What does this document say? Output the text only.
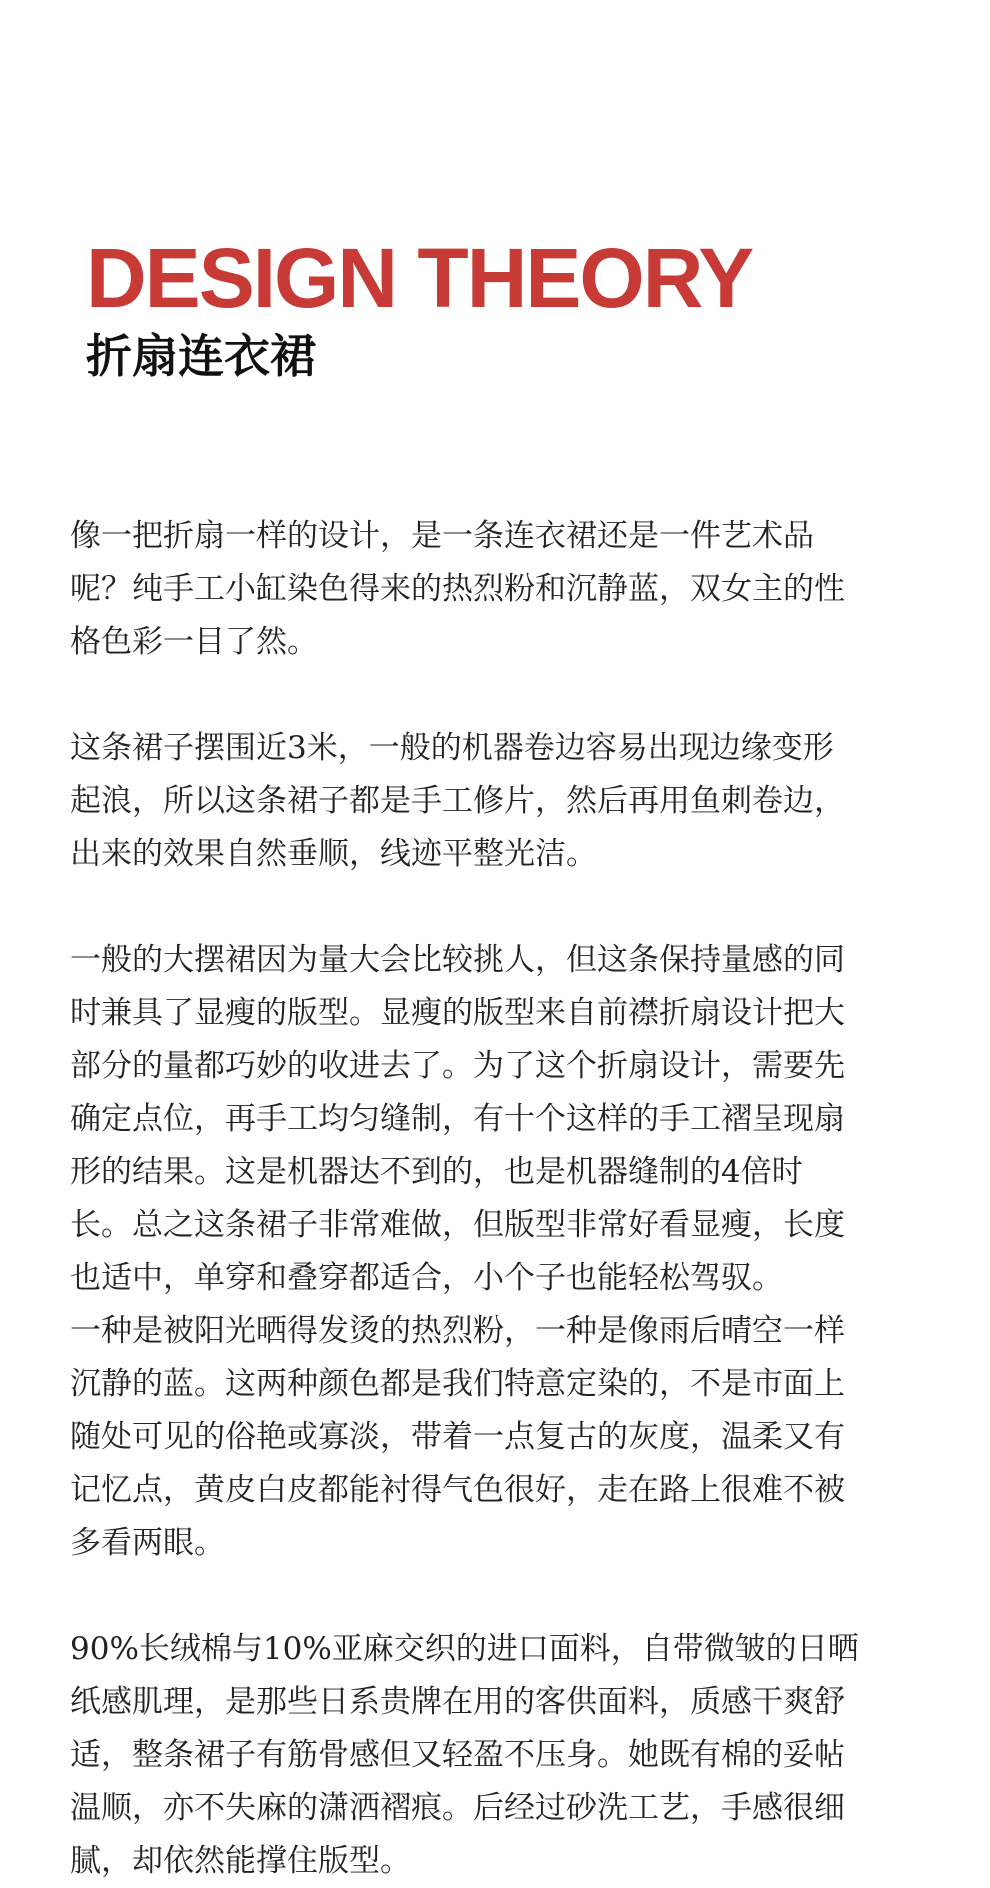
DESIGN THEORY
折扇连衣裙

像一把折扇一样的设计，是一条连衣裙还是一件艺术品
呢？纯手工小缸染色得来的热烈粉和沉静蓝，双女主的性
格色彩一目了然。

这条裙子摆围近3米，一般的机器卷边容易出现边缘变形
起浪，所以这条裙子都是手工修片，然后再用鱼刺卷边，
出来的效果自然垂顺，线迹平整光洁。

一般的大摆裙因为量大会比较挑人，但这条保持量感的同
时兼具了显瘦的版型。显瘦的版型来自前襟折扇设计把大
部分的量都巧妙的收进去了。为了这个折扇设计，需要先
确定点位，再手工均匀缝制，有十个这样的手工褶呈现扇
形的结果。这是机器达不到的，也是机器缝制的4倍时
长。总之这条裙子非常难做，但版型非常好看显瘦，长度
也适中，单穿和叠穿都适合，小个子也能轻松驾驭。
一种是被阳光晒得发烫的热烈粉，一种是像雨后晴空一样
沉静的蓝。这两种颜色都是我们特意定染的，不是市面上
随处可见的俗艳或寡淡，带着一点复古的灰度，温柔又有
记忆点，黄皮白皮都能衬得气色很好，走在路上很难不被
多看两眼。

90%长绒棉与10%亚麻交织的进口面料，自带微皱的日晒
纸感肌理，是那些日系贵牌在用的客供面料，质感干爽舒
适，整条裙子有筋骨感但又轻盈不压身。她既有棉的妥帖
温顺，亦不失麻的潇洒褶痕。后经过砂洗工艺，手感很细
腻，却依然能撑住版型。
